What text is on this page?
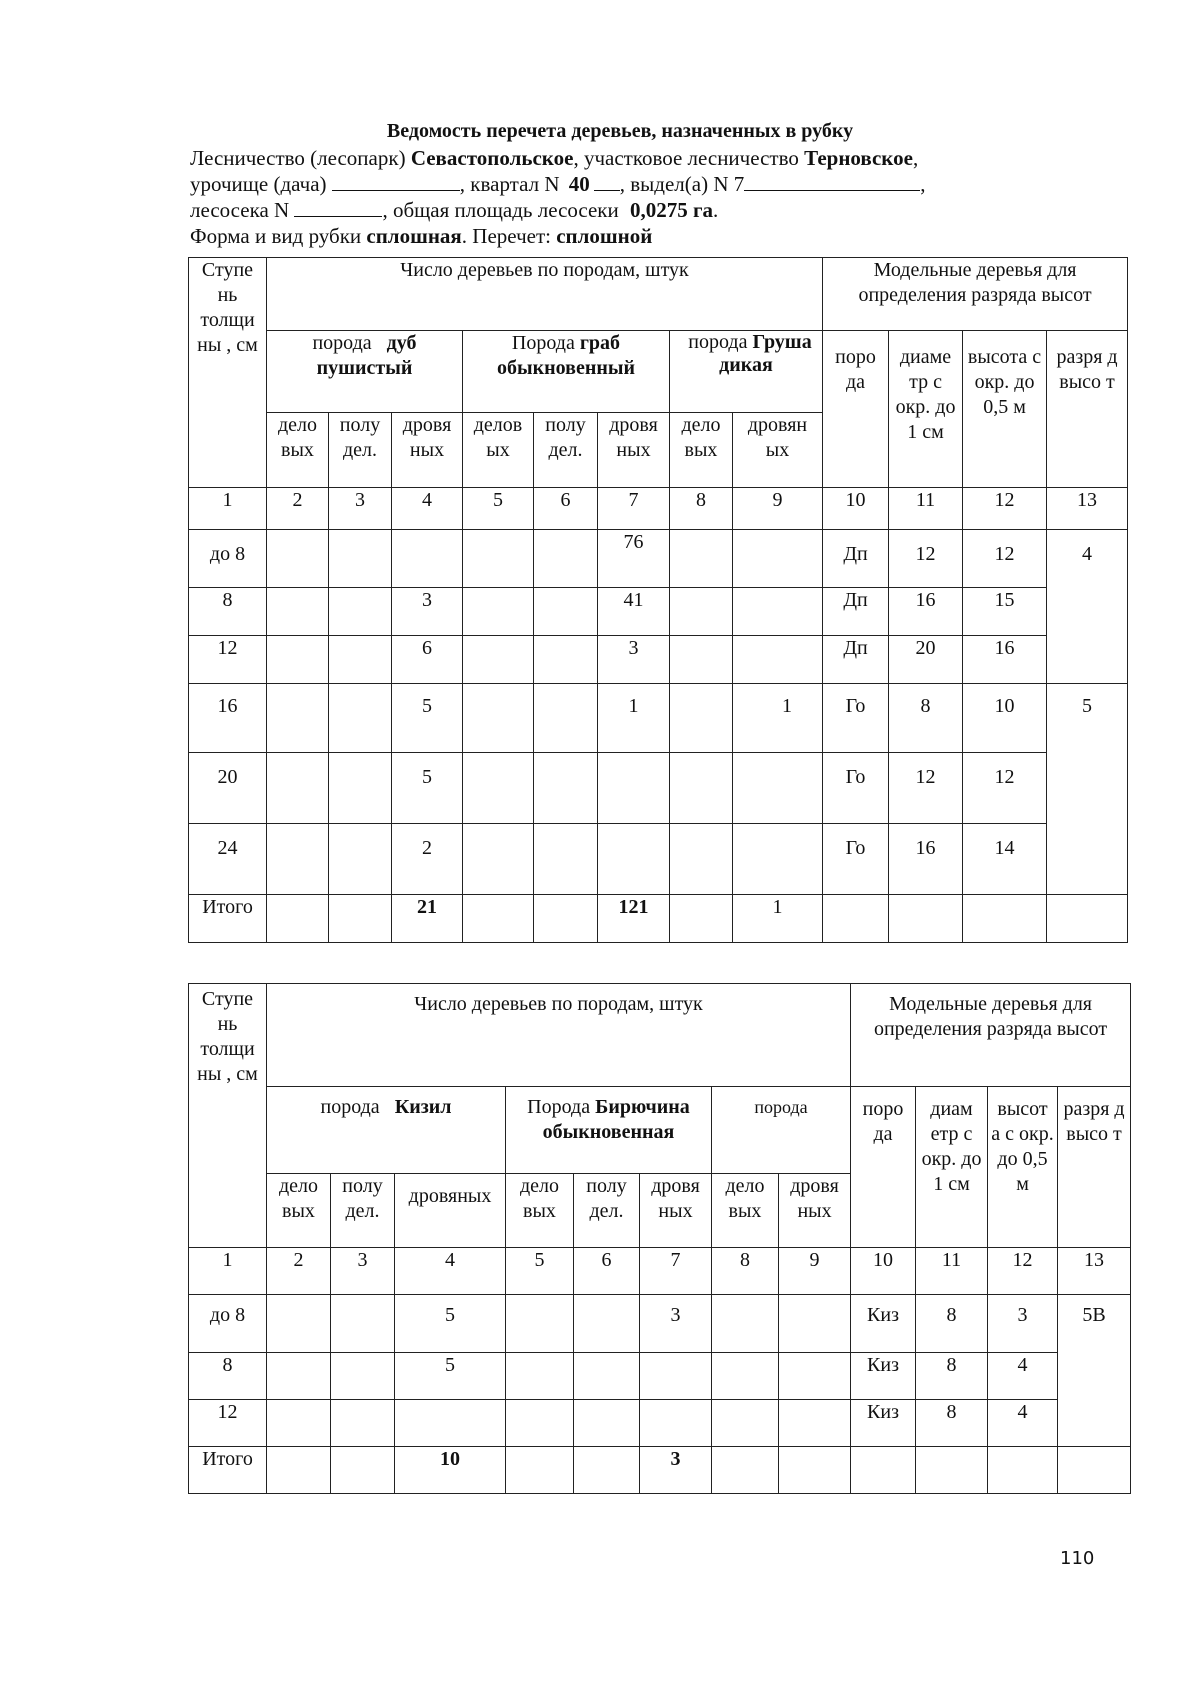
Ведомость перечета деревьев, назначенных в рубку
Лесничество (лесопарк) Севастопольское, участковое лесничество Терновское,
урочище (дача)	, квартал N 40 , выдел(а) N 7	,
лесосека N	, общая площадь лесосеки 0,0275 га.
Форма и вид рубки сплошная. Перечет: сплошной
Ступе нь толщи ны , см	Число деревьев по породам, штук								Модельные деревья для определения разряда высот			
	порода дуб пушистый			Порода граб обыкновенный			порода Груша дикая		поро да	диаме тр с окр. до 1 см	высота с окр. до 0,5 м	разря д высо т
	дело вых	полу дел.	дровя ных	делов ых	полу дел.	дровя ных	дело вых	дровян ых				
1	2	3	4	5	6	7	8	9	10	11	12	13
до 8						76			Дп	12	12	4
8			3			41			Дп	16	15	
12			6			3			Дп	20	16	
16			5			1		1	Го	8	10	5
20			5						Го	12	12	
24			2						Го	16	14	
Итого			21			121		1				
Ступе нь толщи ны , см	Число деревьев по породам, штук								Модельные деревья для определения разряда высот			
	порода Кизил			Порода Бирючина обыкновенная			порода		поро да	диам етр с окр. до 1 см	высот а с окр. до 0,5 м	разря д высо т
	дело вых	полу дел.	дровяных	дело вых	полу дел.	дровя ных	дело вых	дровя ных				
1	2	3	4	5	6	7	8	9	10	11	12	13
до 8			5			3			Киз	8	3	5В
8			5						Киз	8	4	
12									Киз	8	4	
Итого			10			3						
110
